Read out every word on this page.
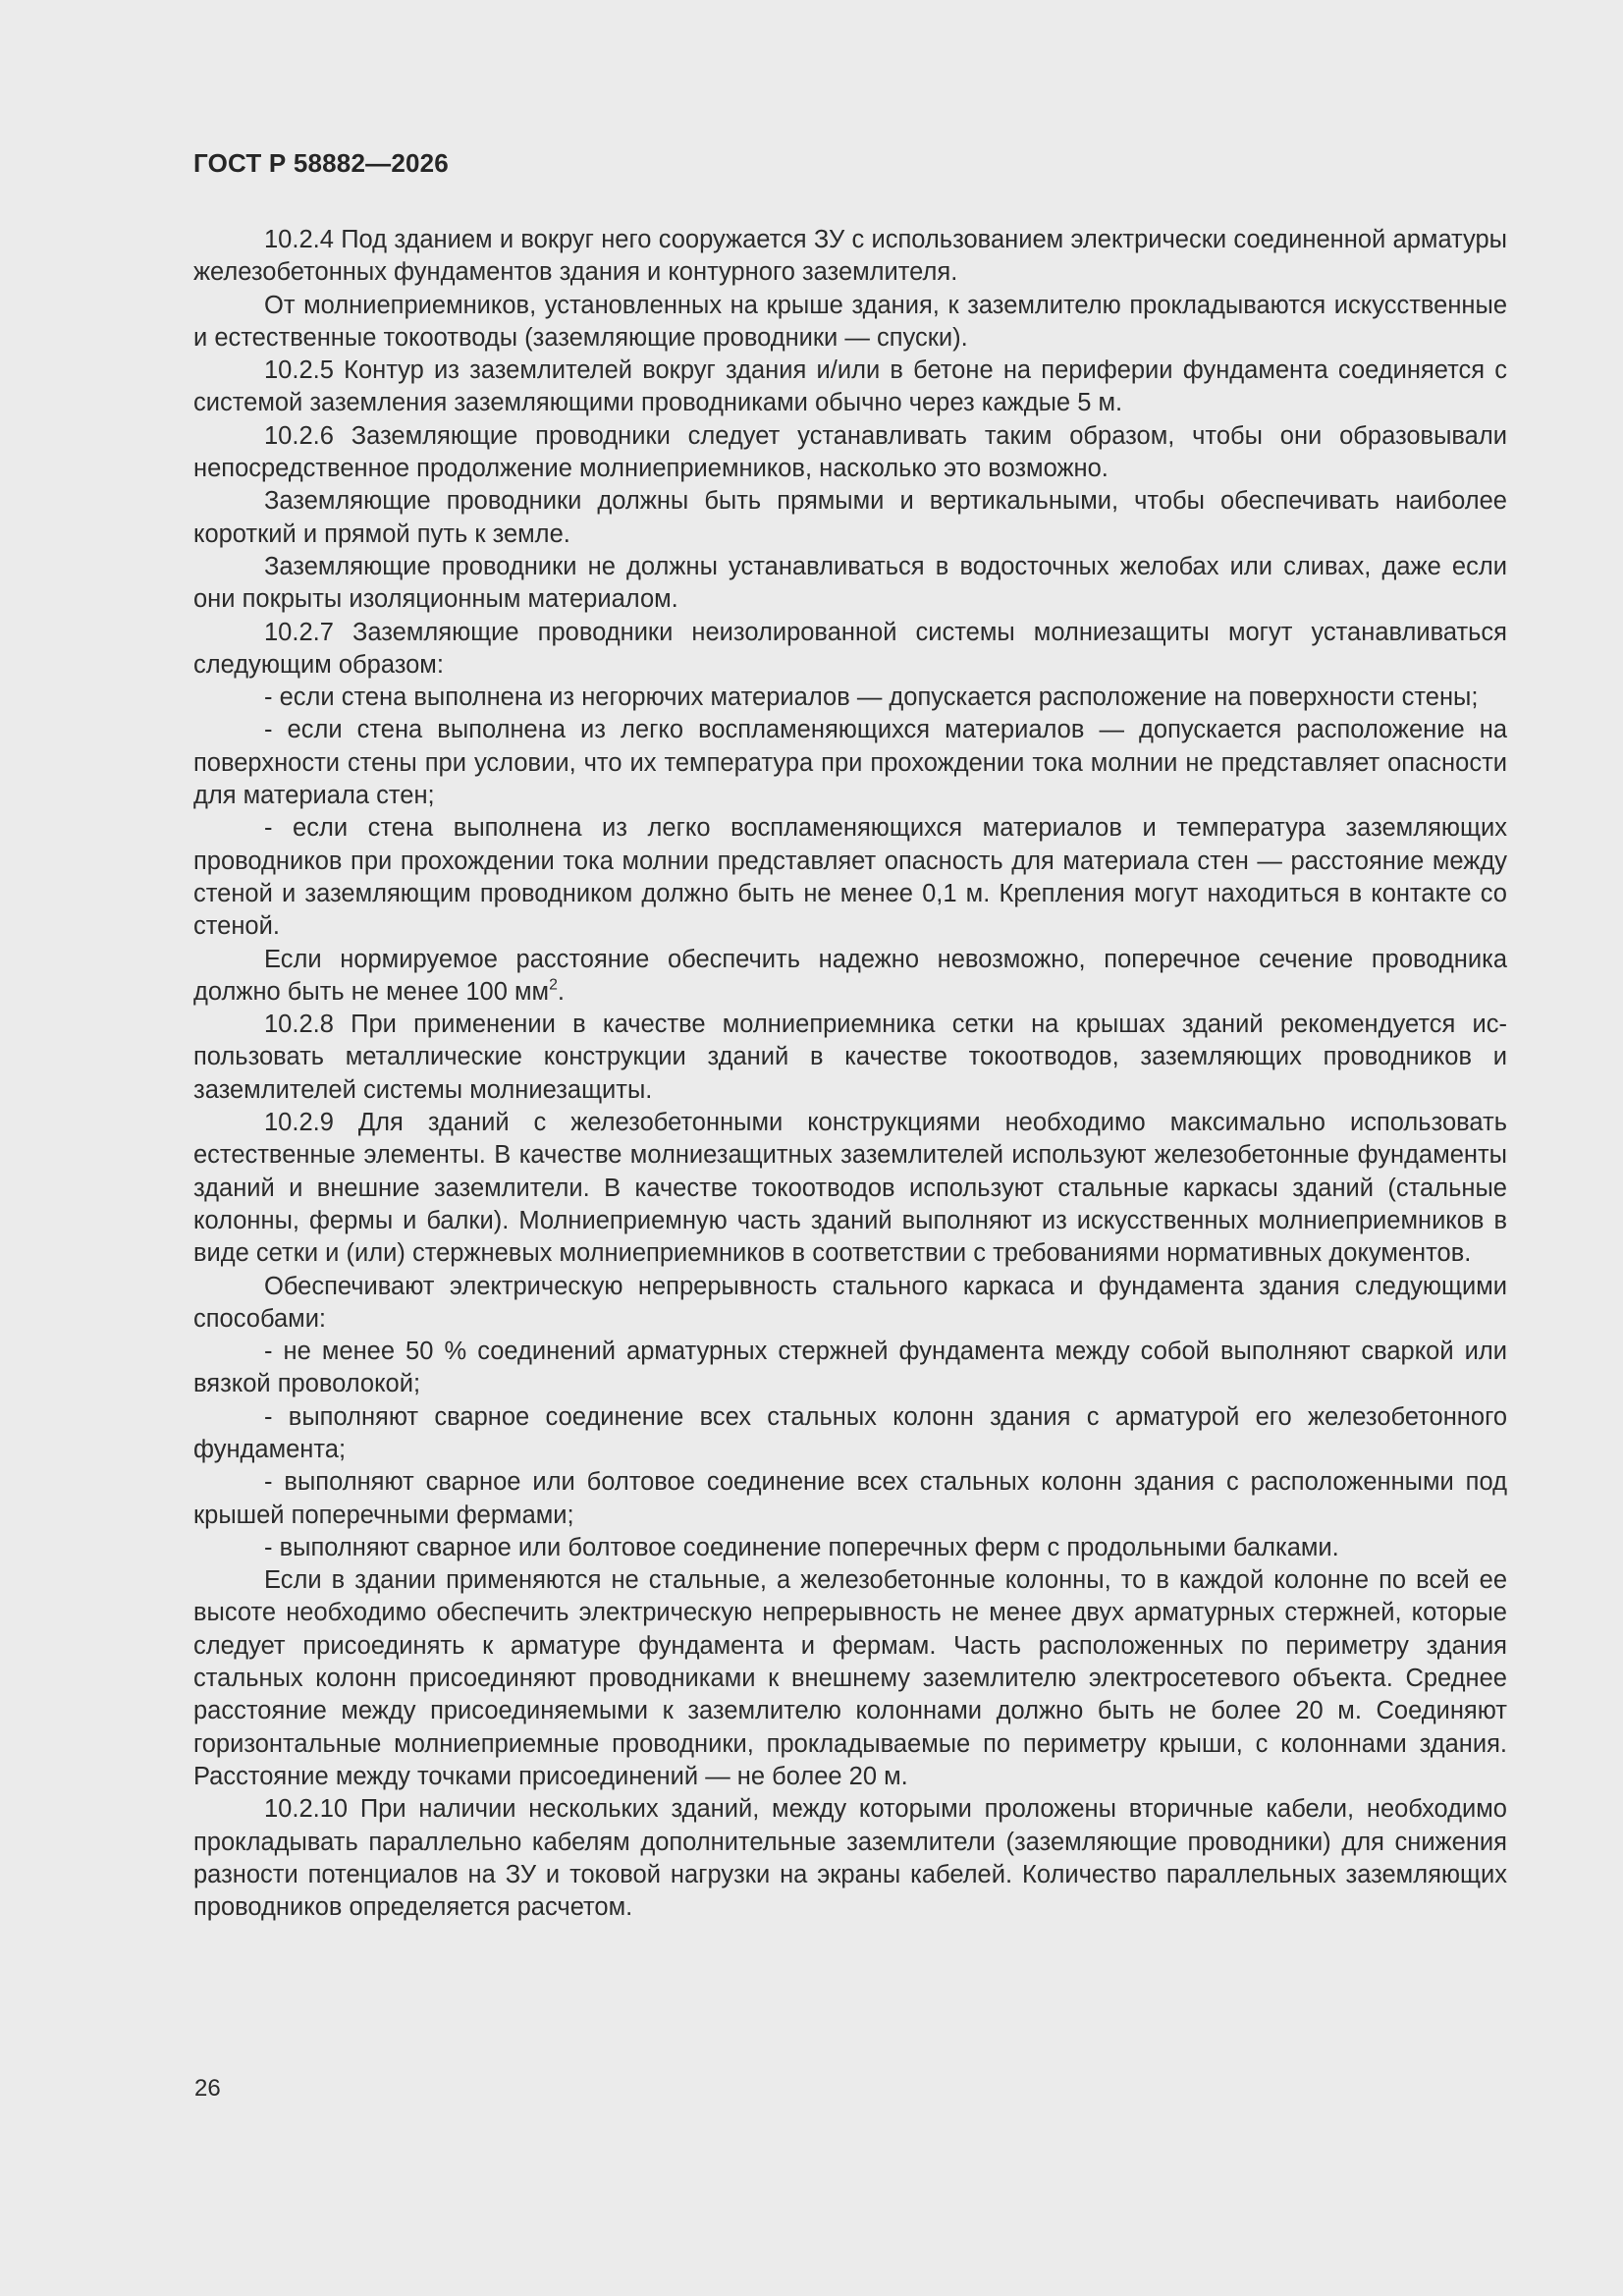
ГОСТ Р 58882—2026

10.2.4 Под зданием и вокруг него сооружается ЗУ с использованием электрически соединенной арматуры железобетонных фундаментов здания и контурного заземлителя.

От молниеприемников, установленных на крыше здания, к заземлителю прокладываются искусственные и естественные токоотводы (заземляющие проводники — спуски).

10.2.5 Контур из заземлителей вокруг здания и/или в бетоне на периферии фундамента соединяется с системой заземления заземляющими проводниками обычно через каждые 5 м.

10.2.6 Заземляющие проводники следует устанавливать таким образом, чтобы они образовывали непосредственное продолжение молниеприемников, насколько это возможно.

Заземляющие проводники должны быть прямыми и вертикальными, чтобы обеспечивать наиболее короткий и прямой путь к земле.

Заземляющие проводники не должны устанавливаться в водосточных желобах или сливах, даже если они покрыты изоляционным материалом.

10.2.7 Заземляющие проводники неизолированной системы молниезащиты могут устанавливаться следующим образом:

- если стена выполнена из негорючих материалов — допускается расположение на поверхности стены;

- если стена выполнена из легко воспламеняющихся материалов — допускается расположение на поверхности стены при условии, что их температура при прохождении тока молнии не представляет опасности для материала стен;

- если стена выполнена из легко воспламеняющихся материалов и температура заземляющих проводников при прохождении тока молнии представляет опасность для материала стен — расстояние между стеной и заземляющим проводником должно быть не менее 0,1 м. Крепления могут находиться в контакте со стеной.

Если нормируемое расстояние обеспечить надежно невозможно, поперечное сечение проводника должно быть не менее 100 $мм^2$.

10.2.8 При применении в качестве молниеприемника сетки на крышах зданий рекомендуется использовать металлические конструкции зданий в качестве токоотводов, заземляющих проводников и заземлителей системы молниезащиты.

10.2.9 Для зданий с железобетонными конструкциями необходимо максимально использовать естественные элементы. В качестве молниезащитных заземлителей используют железобетонные фундаменты зданий и внешние заземлители. В качестве токоотводов используют стальные каркасы зданий (стальные колонны, фермы и балки). Молниеприемную часть зданий выполняют из искусственных молниеприемников в виде сетки и (или) стержневых молниеприемников в соответствии с требованиями нормативных документов.

Обеспечивают электрическую непрерывность стального каркаса и фундамента здания следующими способами:

- не менее 50 % соединений арматурных стержней фундамента между собой выполняют сваркой или вязкой проволокой;

- выполняют сварное соединение всех стальных колонн здания с арматурой его железобетонного фундамента;

- выполняют сварное или болтовое соединение всех стальных колонн здания с расположенными под крышей поперечными фермами;

- выполняют сварное или болтовое соединение поперечных ферм с продольными балками.

Если в здании применяются не стальные, а железобетонные колонны, то в каждой колонне по всей ее высоте необходимо обеспечить электрическую непрерывность не менее двух арматурных стержней, которые следует присоединять к арматуре фундамента и фермам. Часть расположенных по периметру здания стальных колонн присоединяют проводниками к внешнему заземлителю электросетевого объекта. Среднее расстояние между присоединяемыми к заземлителю колоннами должно быть не более 20 м. Соединяют горизонтальные молниеприемные проводники, прокладываемые по периметру крыши, с колоннами здания. Расстояние между точками присоединений — не более 20 м.

10.2.10 При наличии нескольких зданий, между которыми проложены вторичные кабели, необходимо прокладывать параллельно кабелям дополнительные заземлители (заземляющие проводники) для снижения разности потенциалов на ЗУ и токовой нагрузки на экраны кабелей. Количество параллельных заземляющих проводников определяется расчетом.

26
